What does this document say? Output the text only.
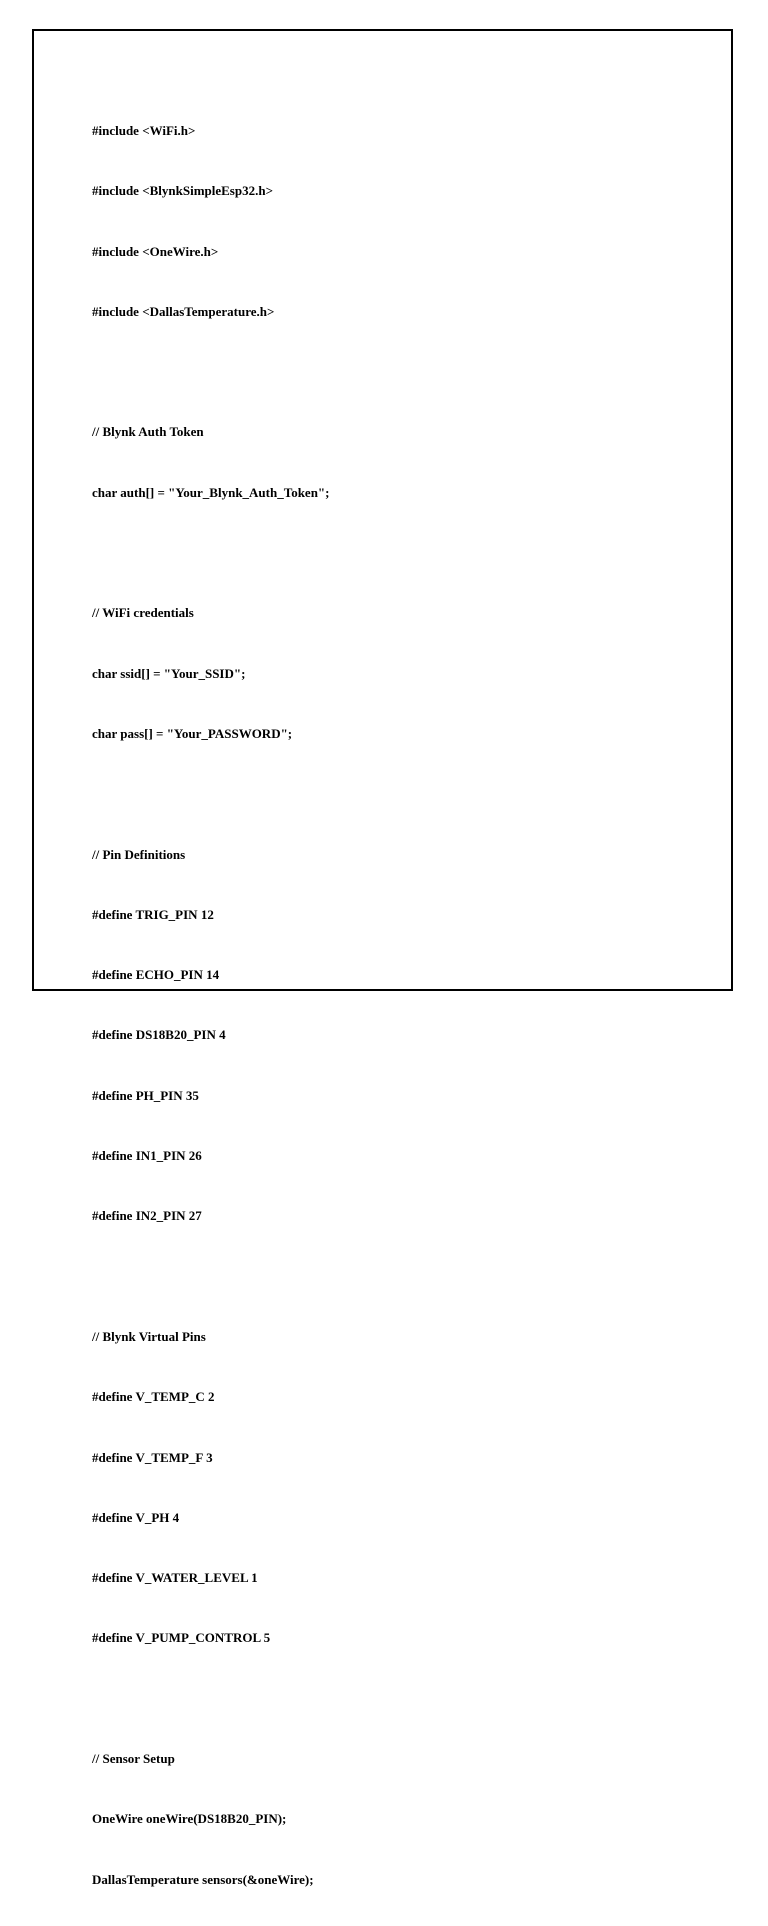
#include <WiFi.h>

#include <BlynkSimpleEsp32.h>

#include <OneWire.h>

#include <DallasTemperature.h>

// Blynk Auth Token

char auth[] = "Your_Blynk_Auth_Token";

// WiFi credentials

char ssid[] = "Your_SSID";

char pass[] = "Your_PASSWORD";

// Pin Definitions

#define TRIG_PIN 12

#define ECHO_PIN 14

#define DS18B20_PIN 4

#define PH_PIN 35

#define IN1_PIN 26

#define IN2_PIN 27

// Blynk Virtual Pins

#define V_TEMP_C 2

#define V_TEMP_F 3

#define V_PH 4

#define V_WATER_LEVEL 1

#define V_PUMP_CONTROL 5

// Sensor Setup

OneWire oneWire(DS18B20_PIN);

DallasTemperature sensors(&oneWire);
